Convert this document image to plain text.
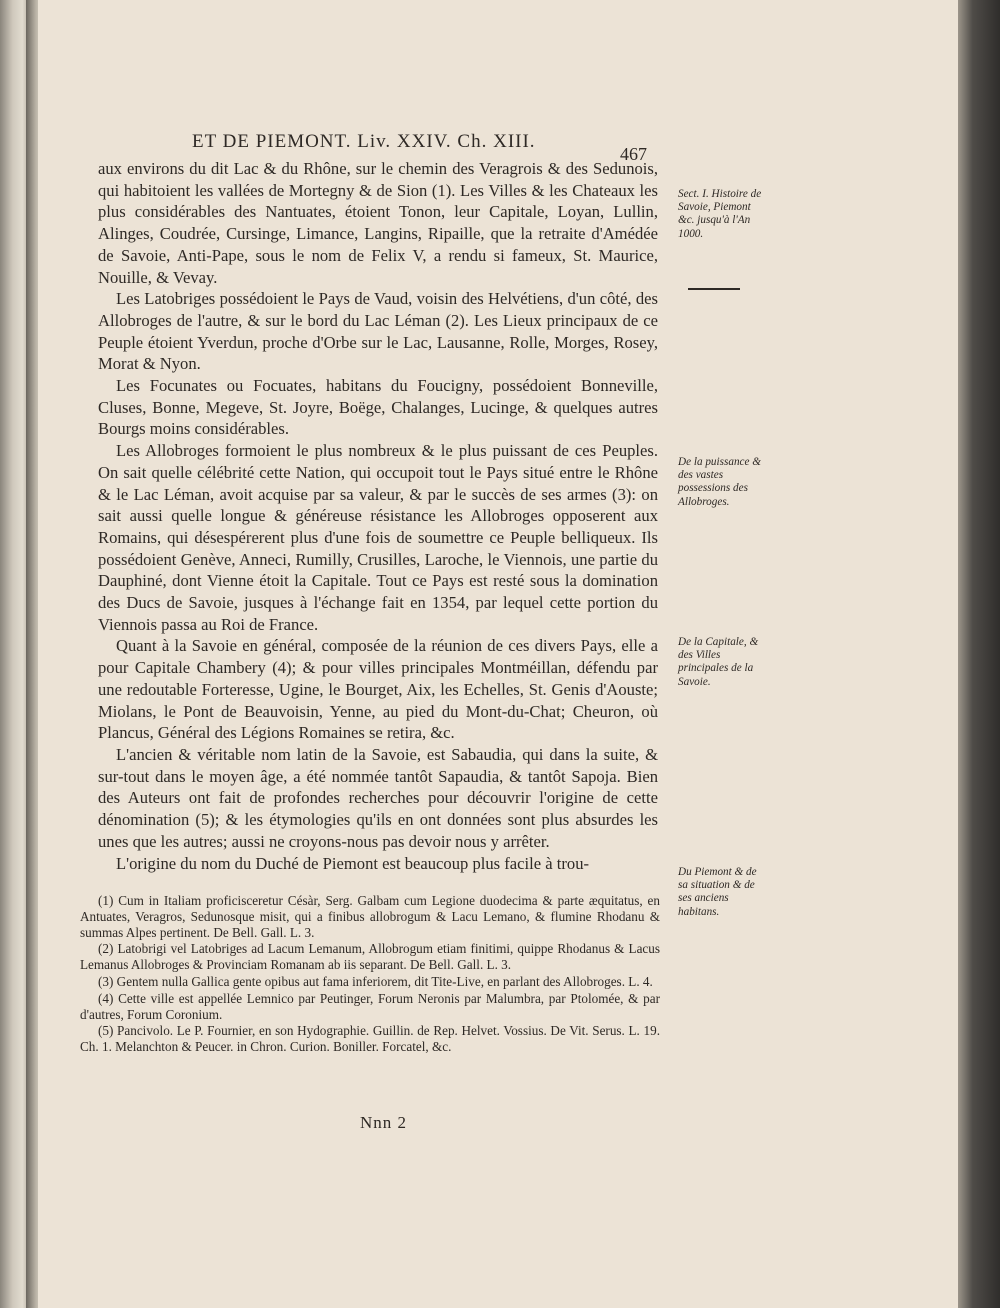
ET DE PIEMONT. Liv. XXIV. Ch. XIII.
467

aux environs du dit Lac & du Rhône, sur le chemin des Veragrois & des Sedunois, qui habitoient les vallées de Mortegny & de Sion (1). Les Villes & les Chateaux les plus considérables des Nantuates, étoient Tonon, leur Capitale, Loyan, Lullin, Alinges, Coudrée, Cursinge, Limance, Langins, Ripaille, que la retraite d'Amédée de Savoie, Anti-Pape, sous le nom de Felix V, a rendu si fameux, St. Maurice, Nouille, & Vevay.

Les Latobriges possédoient le Pays de Vaud, voisin des Helvétiens, d'un côté, des Allobroges de l'autre, & sur le bord du Lac Léman (2). Les Lieux principaux de ce Peuple étoient Yverdun, proche d'Orbe sur le Lac, Lausanne, Rolle, Morges, Rosey, Morat & Nyon.

Les Focunates ou Focuates, habitans du Foucigny, possédoient Bonneville, Cluses, Bonne, Megeve, St. Joyre, Boëge, Chalanges, Lucinge, & quelques autres Bourgs moins considérables.

Les Allobroges formoient le plus nombreux & le plus puissant de ces Peuples. On sait quelle célébrité cette Nation, qui occupoit tout le Pays situé entre le Rhône & le Lac Léman, avoit acquise par sa valeur, & par le succès de ses armes (3): on sait aussi quelle longue & généreuse résistance les Allobroges opposerent aux Romains, qui désespérerent plus d'une fois de soumettre ce Peuple belliqueux. Ils possédoient Genève, Anneci, Rumilly, Crusilles, Laroche, le Viennois, une partie du Dauphiné, dont Vienne étoit la Capitale. Tout ce Pays est resté sous la domination des Ducs de Savoie, jusques à l'échange fait en 1354, par lequel cette portion du Viennois passa au Roi de France.

Quant à la Savoie en général, composée de la réunion de ces divers Pays, elle a pour Capitale Chambery (4); & pour villes principales Montméillan, défendu par une redoutable Forteresse, Ugine, le Bourget, Aix, les Echelles, St. Genis d'Aouste; Miolans, le Pont de Beauvoisin, Yenne, au pied du Mont-du-Chat; Cheuron, où Plancus, Général des Légions Romaines se retira, &c.

L'ancien & véritable nom latin de la Savoie, est Sabaudia, qui dans la suite, & sur-tout dans le moyen âge, a été nommée tantôt Sapaudia, & tantôt Sapoja. Bien des Auteurs ont fait de profondes recherches pour découvrir l'origine de cette dénomination (5); & les étymologies qu'ils en ont données sont plus absurdes les unes que les autres; aussi ne croyons-nous pas devoir nous y arrêter.

L'origine du nom du Duché de Piemont est beaucoup plus facile à trou-

(1) Cum in Italiam proficisceretur Césàr, Serg. Galbam cum Legione duodecima & parte æquitatus, en Antuates, Veragros, Sedunosque misit, qui a finibus allobrogum & Lacu Lemano, & flumine Rhodanu & summas Alpes pertinent. De Bell. Gall. L. 3.

(2) Latobrigi vel Latobriges ad Lacum Lemanum, Allobrogum etiam finitimi, quippe Rhodanus & Lacus Lemanus Allobroges & Provinciam Romanam ab iis separant. De Bell. Gall. L. 3.

(3) Gentem nulla Gallica gente opibus aut fama inferiorem, dit Tite-Live, en parlant des Allobroges. L. 4.

(4) Cette ville est appellée Lemnico par Peutinger, Forum Neronis par Malumbra, par Ptolomée, & par d'autres, Forum Coronium.

(5) Pancivolo. Le P. Fournier, en son Hydographie. Guillin. de Rep. Helvet. Vossius. De Vit. Serus. L. 19. Ch. 1. Melanchton & Peucer. in Chron. Curion. Boniller. Forcatel, &c.

Sect. I. Histoire de Savoie, Piemont &c. jusqu'à l'An 1000.
De la puissance & des vastes possessions des Allobroges.
De la Capitale, & des Villes principales de la Savoie.
Du Piemont & de sa situation & de ses anciens habitans.
Nnn 2
